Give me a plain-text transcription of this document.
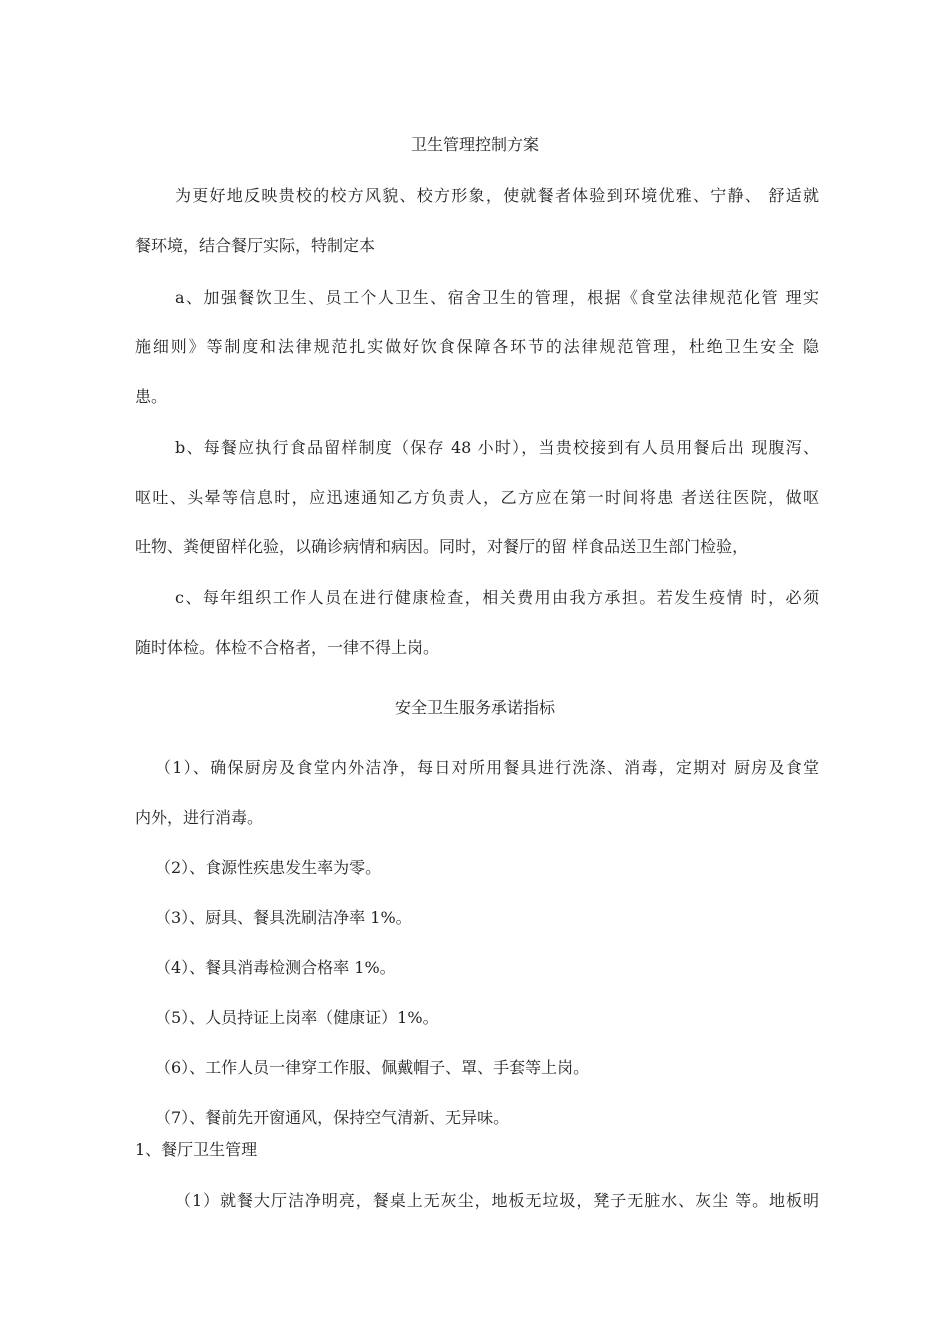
卫生管理控制方案
为更好地反映贵校的校方风貌、校方形象，使就餐者体验到环境优雅、宁静、 舒适就
餐环境，结合餐厅实际，特制定本
a、加强餐饮卫生、员工个人卫生、宿舍卫生的管理，根据《食堂法律规范化管 理实
施细则》等制度和法律规范扎实做好饮食保障各环节的法律规范管理，杜绝卫生安全 隐
患。
b、每餐应执行食品留样制度（保存 48 小时），当贵校接到有人员用餐后出 现腹泻、
呕吐、头晕等信息时，应迅速通知乙方负责人，乙方应在第一时间将患 者送往医院，做呕
吐物、粪便留样化验，以确诊病情和病因。同时，对餐厅的留 样食品送卫生部门检验，
c、每年组织工作人员在进行健康检查，相关费用由我方承担。若发生疫情 时，必须
随时体检。体检不合格者，一律不得上岗。
安全卫生服务承诺指标
（1）、确保厨房及食堂内外洁净，每日对所用餐具进行洗涤、消毒，定期对 厨房及食堂
内外，进行消毒。
（2）、食源性疾患发生率为零。
（3）、厨具、餐具洗刷洁净率 1%。
（4）、餐具消毒检测合格率 1%。
（5）、人员持证上岗率（健康证）1%。
（6）、工作人员一律穿工作服、佩戴帽子、罩、手套等上岗。
（7）、餐前先开窗通风，保持空气清新、无异味。
1、餐厅卫生管理
（1）就餐大厅洁净明亮，餐桌上无灰尘，地板无垃圾，凳子无脏水、灰尘 等。地板明
